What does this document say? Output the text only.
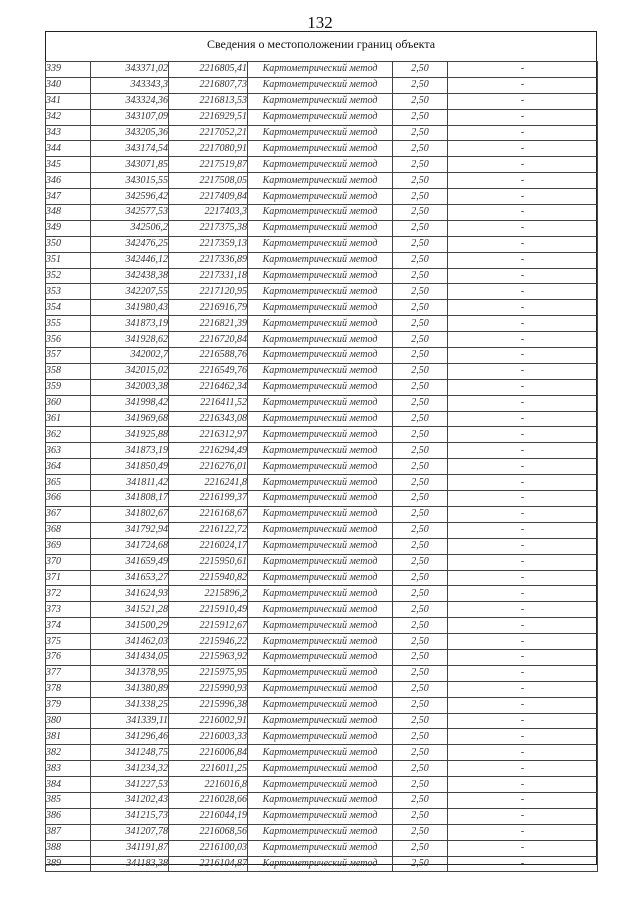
132
Сведения о местоположении границ объекта
339	343371,02	2216805,41	Картометрический метод	2,50	-
340	343343,3	2216807,73	Картометрический метод	2,50	-
341	343324,36	2216813,53	Картометрический метод	2,50	-
342	343107,09	2216929,51	Картометрический метод	2,50	-
343	343205,36	2217052,21	Картометрический метод	2,50	-
344	343174,54	2217080,91	Картометрический метод	2,50	-
345	343071,85	2217519,87	Картометрический метод	2,50	-
346	343015,55	2217508,05	Картометрический метод	2,50	-
347	342596,42	2217409,84	Картометрический метод	2,50	-
348	342577,53	2217403,3	Картометрический метод	2,50	-
349	342506,2	2217375,38	Картометрический метод	2,50	-
350	342476,25	2217359,13	Картометрический метод	2,50	-
351	342446,12	2217336,89	Картометрический метод	2,50	-
352	342438,38	2217331,18	Картометрический метод	2,50	-
353	342207,55	2217120,95	Картометрический метод	2,50	-
354	341980,43	2216916,79	Картометрический метод	2,50	-
355	341873,19	2216821,39	Картометрический метод	2,50	-
356	341928,62	2216720,84	Картометрический метод	2,50	-
357	342002,7	2216588,76	Картометрический метод	2,50	-
358	342015,02	2216549,76	Картометрический метод	2,50	-
359	342003,38	2216462,34	Картометрический метод	2,50	-
360	341998,42	2216411,52	Картометрический метод	2,50	-
361	341969,68	2216343,08	Картометрический метод	2,50	-
362	341925,88	2216312,97	Картометрический метод	2,50	-
363	341873,19	2216294,49	Картометрический метод	2,50	-
364	341850,49	2216276,01	Картометрический метод	2,50	-
365	341811,42	2216241,8	Картометрический метод	2,50	-
366	341808,17	2216199,37	Картометрический метод	2,50	-
367	341802,67	2216168,67	Картометрический метод	2,50	-
368	341792,94	2216122,72	Картометрический метод	2,50	-
369	341724,68	2216024,17	Картометрический метод	2,50	-
370	341659,49	2215950,61	Картометрический метод	2,50	-
371	341653,27	2215940,82	Картометрический метод	2,50	-
372	341624,93	2215896,2	Картометрический метод	2,50	-
373	341521,28	2215910,49	Картометрический метод	2,50	-
374	341500,29	2215912,67	Картометрический метод	2,50	-
375	341462,03	2215946,22	Картометрический метод	2,50	-
376	341434,05	2215963,92	Картометрический метод	2,50	-
377	341378,95	2215975,95	Картометрический метод	2,50	-
378	341380,89	2215990,93	Картометрический метод	2,50	-
379	341338,25	2215996,38	Картометрический метод	2,50	-
380	341339,11	2216002,91	Картометрический метод	2,50	-
381	341296,46	2216003,33	Картометрический метод	2,50	-
382	341248,75	2216006,84	Картометрический метод	2,50	-
383	341234,32	2216011,25	Картометрический метод	2,50	-
384	341227,53	2216016,8	Картометрический метод	2,50	-
385	341202,43	2216028,66	Картометрический метод	2,50	-
386	341215,73	2216044,19	Картометрический метод	2,50	-
387	341207,78	2216068,56	Картометрический метод	2,50	-
388	341191,87	2216100,03	Картометрический метод	2,50	-
389	341183,38	2216104,87	Картометрический метод	2,50	-
